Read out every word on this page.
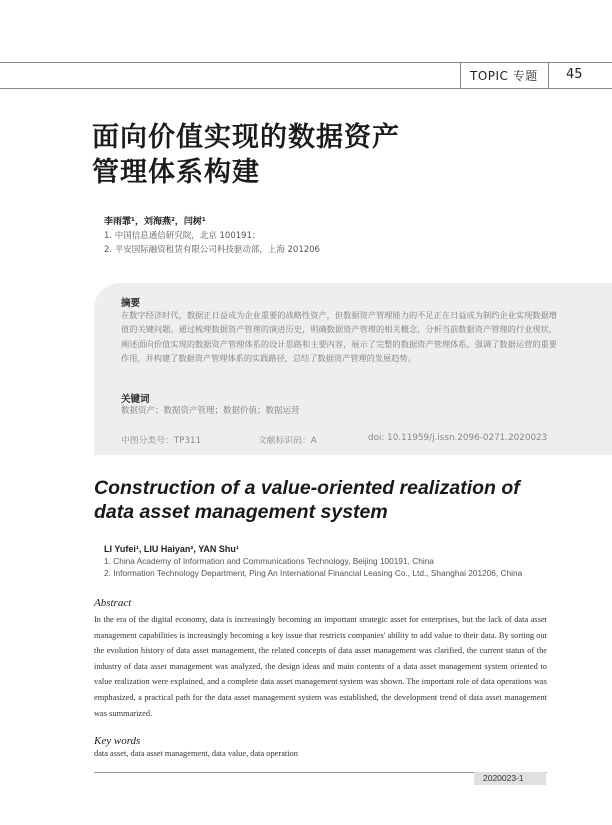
TOPIC 专题 45
面向价值实现的数据资产
管理体系构建
李雨霏¹，刘海燕²，闫树¹
1. 中国信息通信研究院，北京 100191；
2. 平安国际融资租赁有限公司科技驱动部，上海 201206
摘要
在数字经济时代，数据正日益成为企业重要的战略性资产，但数据资产管理能力的不足正在日益成为制约企业实现数据增值的关键问题。通过梳理数据资产管理的演进历史，明确数据资产管理的相关概念，分析当前数据资产管理的行业现状，阐述面向价值实现的数据资产管理体系的设计思路和主要内容，展示了完整的数据资产管理体系，强调了数据运营的重要作用，并构建了数据资产管理体系的实践路径，总结了数据资产管理的发展趋势。
关键词
数据资产；数据资产管理；数据价值；数据运营
中图分类号：TP311	文献标识码：A	doi: 10.11959/j.issn.2096-0271.2020023
Construction of a value-oriented realization of
data asset management system
LI Yufei¹, LIU Haiyan², YAN Shu¹
1. China Academy of Information and Communications Technology, Beijing 100191, China
2. Information Technology Department, Ping An International Financial Leasing Co., Ltd., Shanghai 201206, China
Abstract
In the era of the digital economy, data is increasingly becoming an important strategic asset for enterprises, but the lack of data asset management capabilities is increasingly becoming a key issue that restricts companies' ability to add value to their data. By sorting out the evolution history of data asset management, the related concepts of data asset management was clarified, the current status of the industry of data asset management was analyzed, the design ideas and main contents of a data asset management system oriented to value realization were explained, and a complete data asset management system was shown. The important role of data operations was emphasized, a practical path for the data asset management system was established, the development trend of data asset management was summarized.
Key words
data asset, data asset management, data value, data operation
2020023-1
